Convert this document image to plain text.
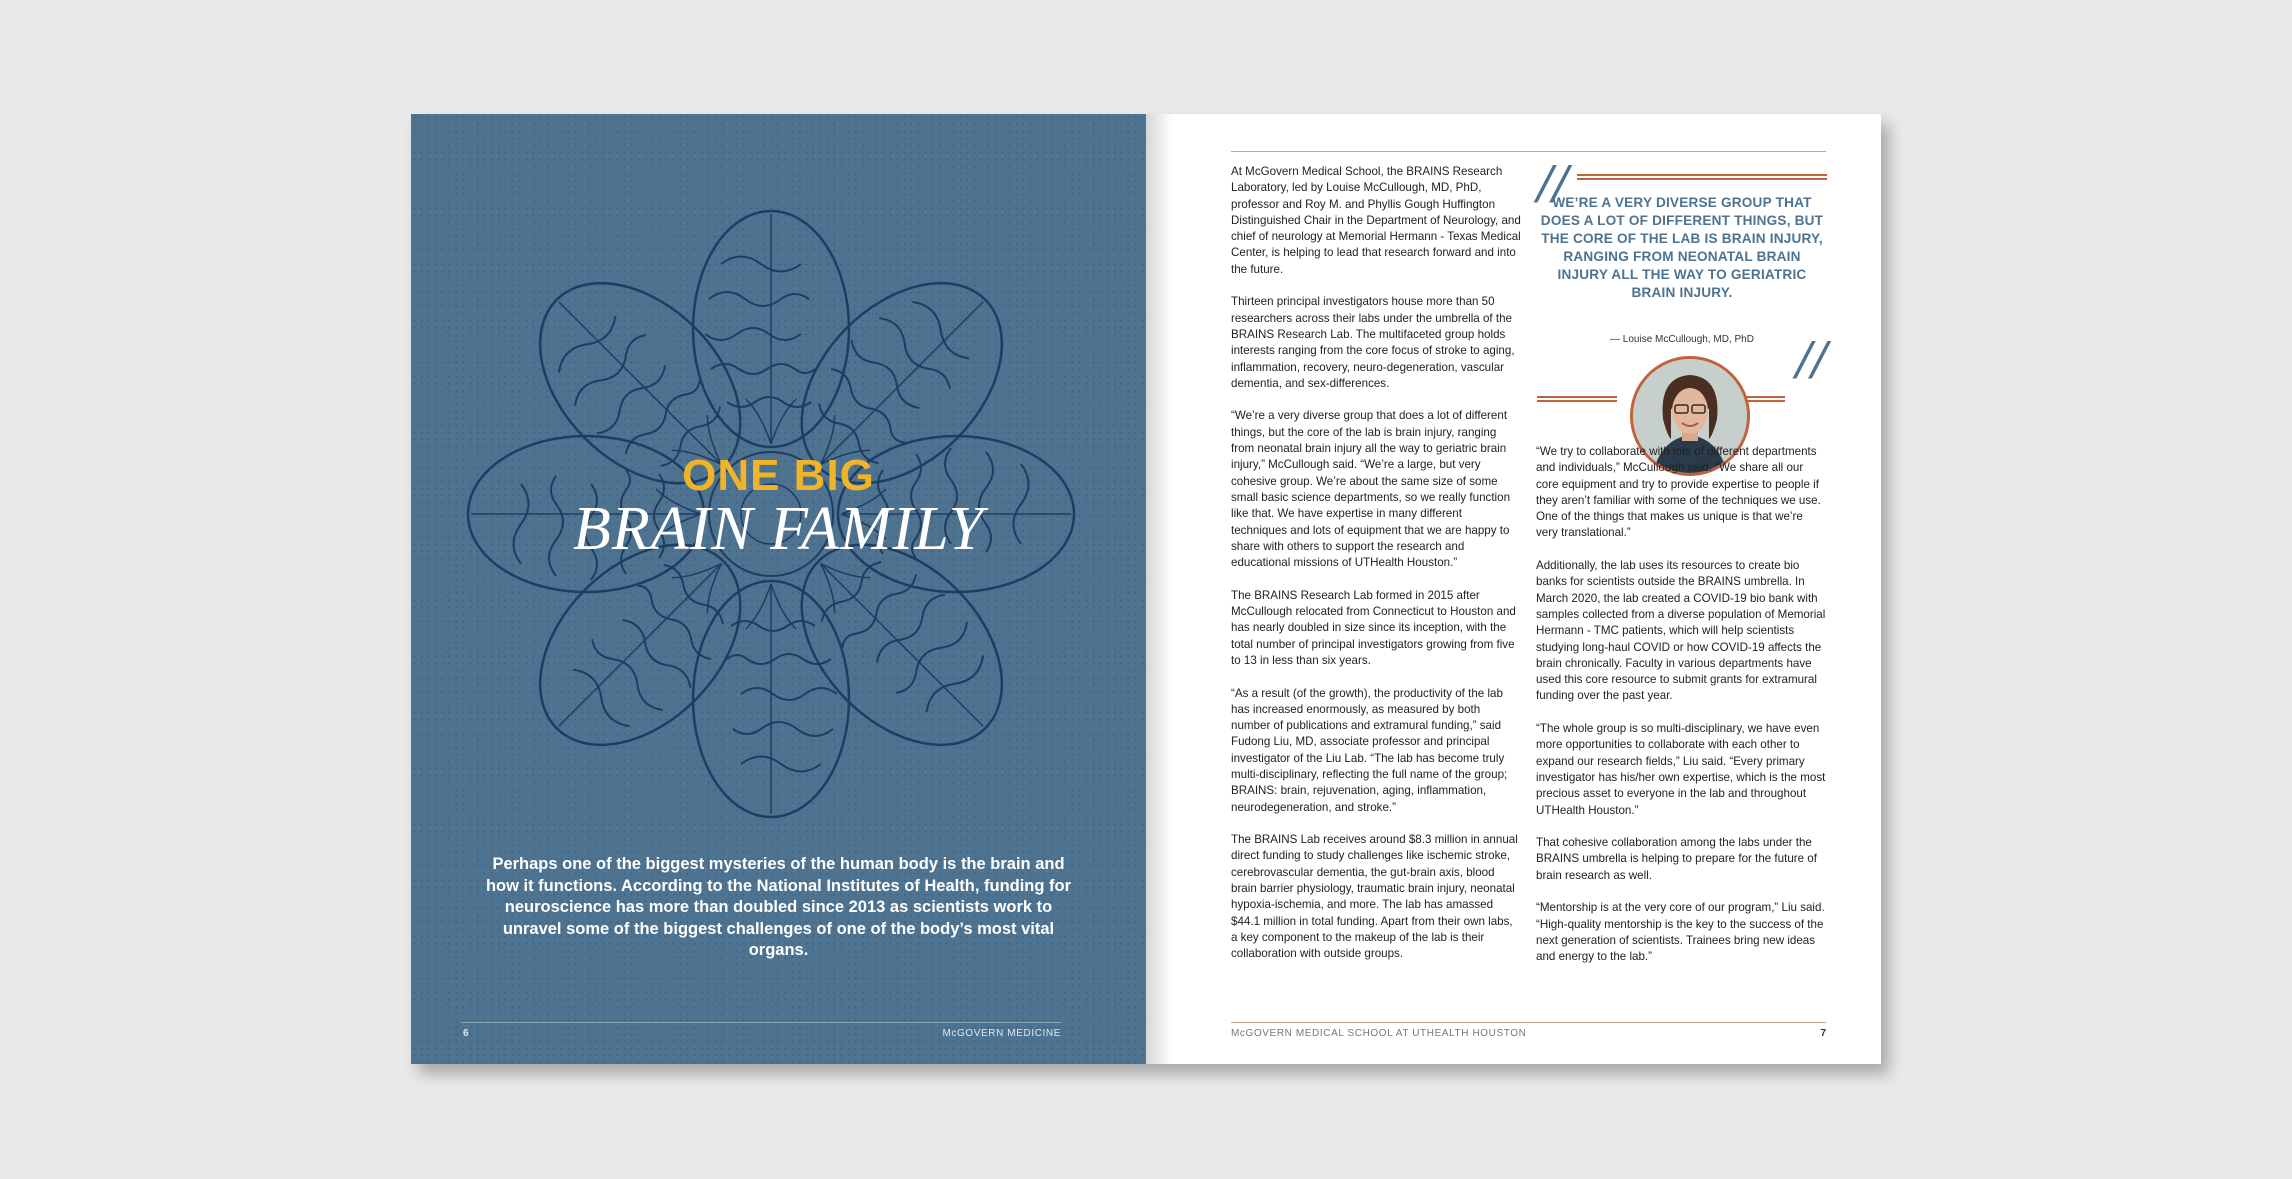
ONE BIG
BRAIN FAMILY
Perhaps one of the biggest mysteries of the human body is the brain and how it functions. According to the National Institutes of Health, funding for neuroscience has more than doubled since 2013 as scientists work to unravel some of the biggest challenges of one of the body’s most vital organs.
6	McGOVERN MEDICINE

At McGovern Medical School, the BRAINS Research Laboratory, led by Louise McCullough, MD, PhD, professor and Roy M. and Phyllis Gough Huffington Distinguished Chair in the Department of Neurology, and chief of neurology at Memorial Hermann - Texas Medical Center, is helping to lead that research forward and into the future.

Thirteen principal investigators house more than 50 researchers across their labs under the umbrella of the BRAINS Research Lab. The multifaceted group holds interests ranging from the core focus of stroke to aging, inflammation, recovery, neuro-degeneration, vascular dementia, and sex-differences.

“We’re a very diverse group that does a lot of different things, but the core of the lab is brain injury, ranging from neonatal brain injury all the way to geriatric brain injury,” McCullough said. “We’re a large, but very cohesive group. We’re about the same size of some small basic science departments, so we really function like that. We have expertise in many different techniques and lots of equipment that we are happy to share with others to support the research and educational missions of UTHealth Houston.”

The BRAINS Research Lab formed in 2015 after McCullough relocated from Connecticut to Houston and has nearly doubled in size since its inception, with the total number of principal investigators growing from five to 13 in less than six years.

“As a result (of the growth), the productivity of the lab has increased enormously, as measured by both number of publications and extramural funding,” said Fudong Liu, MD, associate professor and principal investigator of the Liu Lab. “The lab has become truly multi-disciplinary, reflecting the full name of the group; BRAINS: brain, rejuvenation, aging, inflammation, neurodegeneration, and stroke.”

The BRAINS Lab receives around $8.3 million in annual direct funding to study challenges like ischemic stroke, cerebrovascular dementia, the gut-brain axis, blood brain barrier physiology, traumatic brain injury, neonatal hypoxia-ischemia, and more. The lab has amassed $44.1 million in total funding. Apart from their own labs, a key component to the makeup of the lab is their collaboration with outside groups.

//
WE’RE A VERY DIVERSE GROUP THAT DOES A LOT OF DIFFERENT THINGS, BUT THE CORE OF THE LAB IS BRAIN INJURY, RANGING FROM NEONATAL BRAIN INJURY ALL THE WAY TO GERIATRIC BRAIN INJURY.
— Louise McCullough, MD, PhD //

“We try to collaborate with lots of different departments and individuals,” McCullough said. “We share all our core equipment and try to provide expertise to people if they aren’t familiar with some of the techniques we use. One of the things that makes us unique is that we’re very translational.”

Additionally, the lab uses its resources to create bio banks for scientists outside the BRAINS umbrella. In March 2020, the lab created a COVID-19 bio bank with samples collected from a diverse population of Memorial Hermann - TMC patients, which will help scientists studying long-haul COVID or how COVID-19 affects the brain chronically. Faculty in various departments have used this core resource to submit grants for extramural funding over the past year.

“The whole group is so multi-disciplinary, we have even more opportunities to collaborate with each other to expand our research fields,” Liu said. “Every primary investigator has his/her own expertise, which is the most precious asset to everyone in the lab and throughout UTHealth Houston.”

That cohesive collaboration among the labs under the BRAINS umbrella is helping to prepare for the future of brain research as well.

“Mentorship is at the very core of our program,” Liu said. “High-quality mentorship is the key to the success of the next generation of scientists. Trainees bring new ideas and energy to the lab.”

McGOVERN MEDICAL SCHOOL AT UTHEALTH HOUSTON	7
